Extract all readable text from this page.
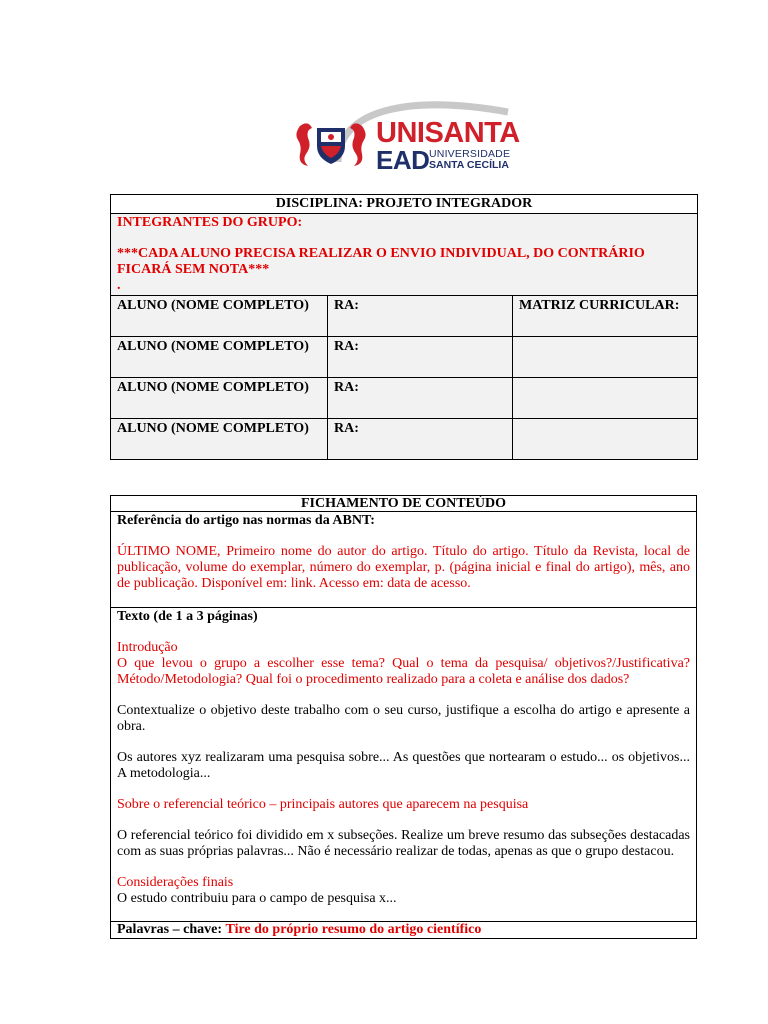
UNISANTA
EAD UNIVERSIDADE
SANTA CECÍLIA
DISCIPLINA: PROJETO INTEGRADOR		

INTEGRANTES DO GRUPO:

***CADA ALUNO PRECISA REALIZAR O ENVIO INDIVIDUAL, DO CONTRÁRIO FICARÁ SEM NOTA***

.		

ALUNO (NOME COMPLETO)	RA:	MATRIZ CURRICULAR:
ALUNO (NOME COMPLETO)	RA:	
ALUNO (NOME COMPLETO)	RA:	
ALUNO (NOME COMPLETO)	RA:	
FICHAMENTO DE CONTEÚDO

Referência do artigo nas normas da ABNT:

ÚLTIMO NOME, Primeiro nome do autor do artigo. Título do artigo. Título da Revista, local de publicação, volume do exemplar, número do exemplar, p. (página inicial e final do artigo), mês, ano de publicação. Disponível em: link. Acesso em: data de acesso.

Texto (de 1 a 3 páginas)

Introdução

O que levou o grupo a escolher esse tema? Qual o tema da pesquisa/ objetivos?/Justificativa? Método/Metodologia? Qual foi o procedimento realizado para a coleta e análise dos dados?

Contextualize o objetivo deste trabalho com o seu curso, justifique a escolha do artigo e apresente a obra.

Os autores xyz realizaram uma pesquisa sobre... As questões que nortearam o estudo... os objetivos... A metodologia...

Sobre o referencial teórico – principais autores que aparecem na pesquisa

O referencial teórico foi dividido em x subseções. Realize um breve resumo das subseções destacadas com as suas próprias palavras... Não é necessário realizar de todas, apenas as que o grupo destacou.

Considerações finais

O estudo contribuiu para o campo de pesquisa x...

Palavras – chave: Tire do próprio resumo do artigo científico
